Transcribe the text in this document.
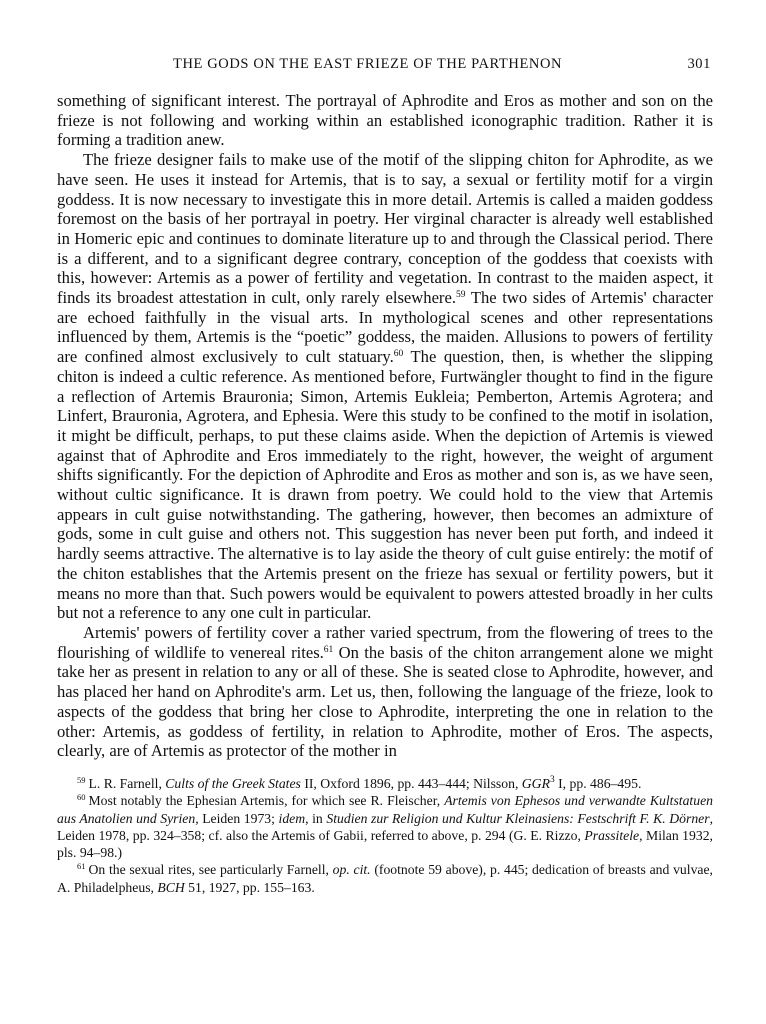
THE GODS ON THE EAST FRIEZE OF THE PARTHENON	301

something of significant interest. The portrayal of Aphrodite and Eros as mother and son on the frieze is not following and working within an established iconographic tradition. Rather it is forming a tradition anew.

The frieze designer fails to make use of the motif of the slipping chiton for Aphrodite, as we have seen. He uses it instead for Artemis, that is to say, a sexual or fertility motif for a virgin goddess. It is now necessary to investigate this in more detail. Artemis is called a maiden goddess foremost on the basis of her portrayal in poetry. Her virginal character is already well established in Homeric epic and continues to dominate literature up to and through the Classical period. There is a different, and to a significant degree contrary, conception of the goddess that coexists with this, however: Artemis as a power of fertility and vegetation. In contrast to the maiden aspect, it finds its broadest attestation in cult, only rarely elsewhere.$^{59}$ The two sides of Artemis' character are echoed faithfully in the visual arts. In mythological scenes and other representations influenced by them, Artemis is the “poetic” goddess, the maiden. Allusions to powers of fertility are confined almost exclusively to cult statuary.$^{60}$ The question, then, is whether the slipping chiton is indeed a cultic reference. As mentioned before, Furtwängler thought to find in the figure a reflection of Artemis Brauronia; Simon, Artemis Eukleia; Pemberton, Artemis Agrotera; and Linfert, Brauronia, Agrotera, and Ephesia. Were this study to be confined to the motif in isolation, it might be difficult, perhaps, to put these claims aside. When the depiction of Artemis is viewed against that of Aphrodite and Eros immediately to the right, however, the weight of argument shifts significantly. For the depiction of Aphrodite and Eros as mother and son is, as we have seen, without cultic significance. It is drawn from poetry. We could hold to the view that Artemis appears in cult guise notwithstanding. The gathering, however, then becomes an admixture of gods, some in cult guise and others not. This suggestion has never been put forth, and indeed it hardly seems attractive. The alternative is to lay aside the theory of cult guise entirely: the motif of the chiton establishes that the Artemis present on the frieze has sexual or fertility powers, but it means no more than that. Such powers would be equivalent to powers attested broadly in her cults but not a reference to any one cult in particular.

Artemis' powers of fertility cover a rather varied spectrum, from the flowering of trees to the flourishing of wildlife to venereal rites.$^{61}$ On the basis of the chiton arrangement alone we might take her as present in relation to any or all of these. She is seated close to Aphrodite, however, and has placed her hand on Aphrodite's arm. Let us, then, following the language of the frieze, look to aspects of the goddess that bring her close to Aphrodite, interpreting the one in relation to the other: Artemis, as goddess of fertility, in relation to Aphrodite, mother of Eros. The aspects, clearly, are of Artemis as protector of the mother in

$^{59}$ L. R. Farnell, Cults of the Greek States II, Oxford 1896, pp. 443–444; Nilsson, GGR$^3$ I, pp. 486–495.

$^{60}$ Most notably the Ephesian Artemis, for which see R. Fleischer, Artemis von Ephesos und verwandte Kultstatuen aus Anatolien und Syrien, Leiden 1973; idem, in Studien zur Religion und Kultur Kleinasiens: Festschrift F. K. Dörner, Leiden 1978, pp. 324–358; cf. also the Artemis of Gabii, referred to above, p. 294 (G. E. Rizzo, Prassitele, Milan 1932, pls. 94–98.)

$^{61}$ On the sexual rites, see particularly Farnell, op. cit. (footnote 59 above), p. 445; dedication of breasts and vulvae, A. Philadelpheus, BCH 51, 1927, pp. 155–163.
